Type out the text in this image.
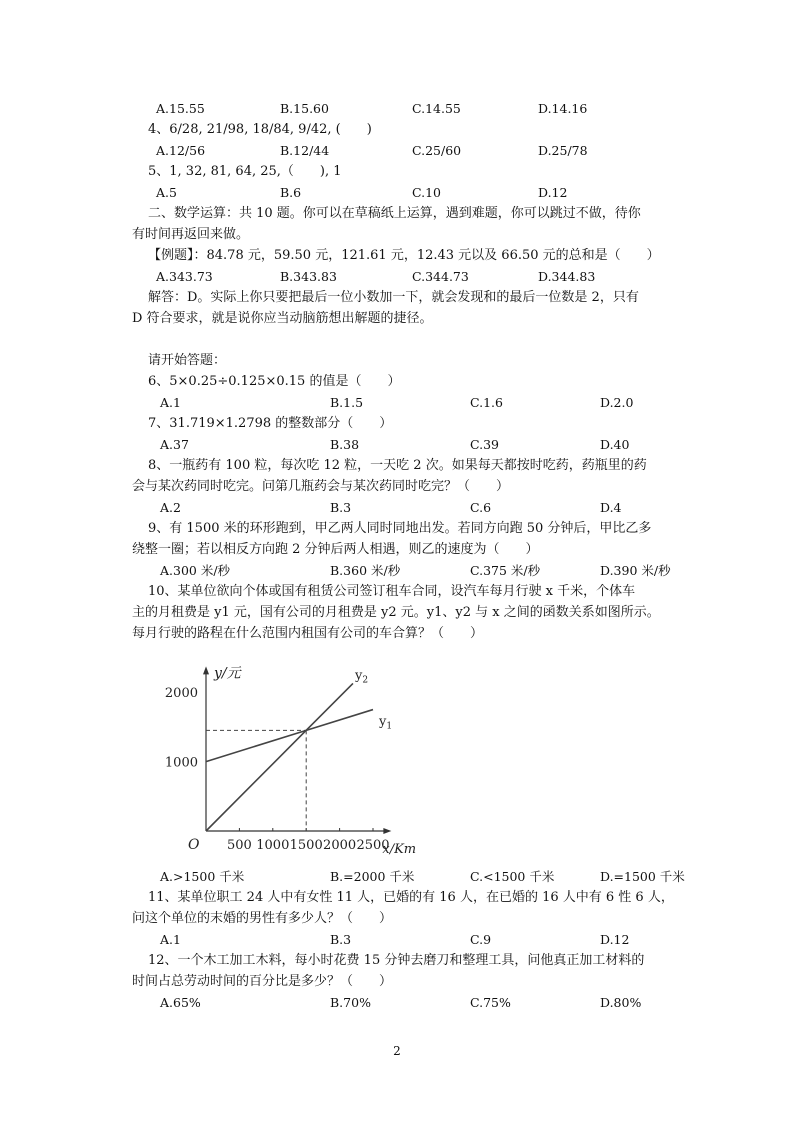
A.15.55	B.15.60	C.14.55	D.14.16
4、6/28, 21/98, 18/84, 9/42, (　　)
A.12/56	B.12/44	C.25/60	D.25/78
5、1, 32, 81, 64, 25,（　　), 1
A.5	B.6	C.10	D.12
二、数学运算：共 10 题。你可以在草稿纸上运算，遇到难题，你可以跳过不做，待你
有时间再返回来做。
【例题】：84.78 元，59.50 元，121.61 元，12.43 元以及 66.50 元的总和是（　　）
A.343.73	B.343.83	C.344.73	D.344.83
解答：D。实际上你只要把最后一位小数加一下，就会发现和的最后一位数是 2，只有
D 符合要求，就是说你应当动脑筋想出解题的捷径。
请开始答题：
6、5×0.25÷0.125×0.15 的值是（　　）
A.1	B.1.5	C.1.6	D.2.0
7、31.719×1.2798 的整数部分（　　）
A.37	B.38	C.39	D.40
8、一瓶药有 100 粒，每次吃 12 粒，一天吃 2 次。如果每天都按时吃药，药瓶里的药
会与某次药同时吃完。问第几瓶药会与某次药同时吃完？（　　）
A.2	B.3	C.6	D.4
9、有 1500 米的环形跑到，甲乙两人同时同地出发。若同方向跑 50 分钟后，甲比乙多
绕整一圈；若以相反方向跑 2 分钟后两人相遇，则乙的速度为（　　）
A.300 米/秒	B.360 米/秒	C.375 米/秒	D.390 米/秒
10、某单位欲向个体或国有租赁公司签订租车合同，设汽车每月行驶 x 千米，个体车
主的月租费是 y1 元，国有公司的月租费是 y2 元。y1、y2 与 x 之间的函数关系如图所示。
每月行驶的路程在什么范围内租国有公司的车合算？（　　）
A.>1500 千米	B.=2000 千米	C.<1500 千米	D.=1500 千米
11、某单位职工 24 人中有女性 11 人，已婚的有 16 人，在已婚的 16 人中有 6 性 6 人，
问这个单位的末婚的男性有多少人？（　　）
A.1	B.3	C.9	D.12
12、一个木工加工木料，每小时花费 15 分钟去磨刀和整理工具，问他真正加工材料的
时间占总劳动时间的百分比是多少？（　　）
A.65%	B.70%	C.75%	D.80%
500 1000 1500 2000 2500
1000
2000
y/元
x/Km
O
$y_1$
$y_2$
2
